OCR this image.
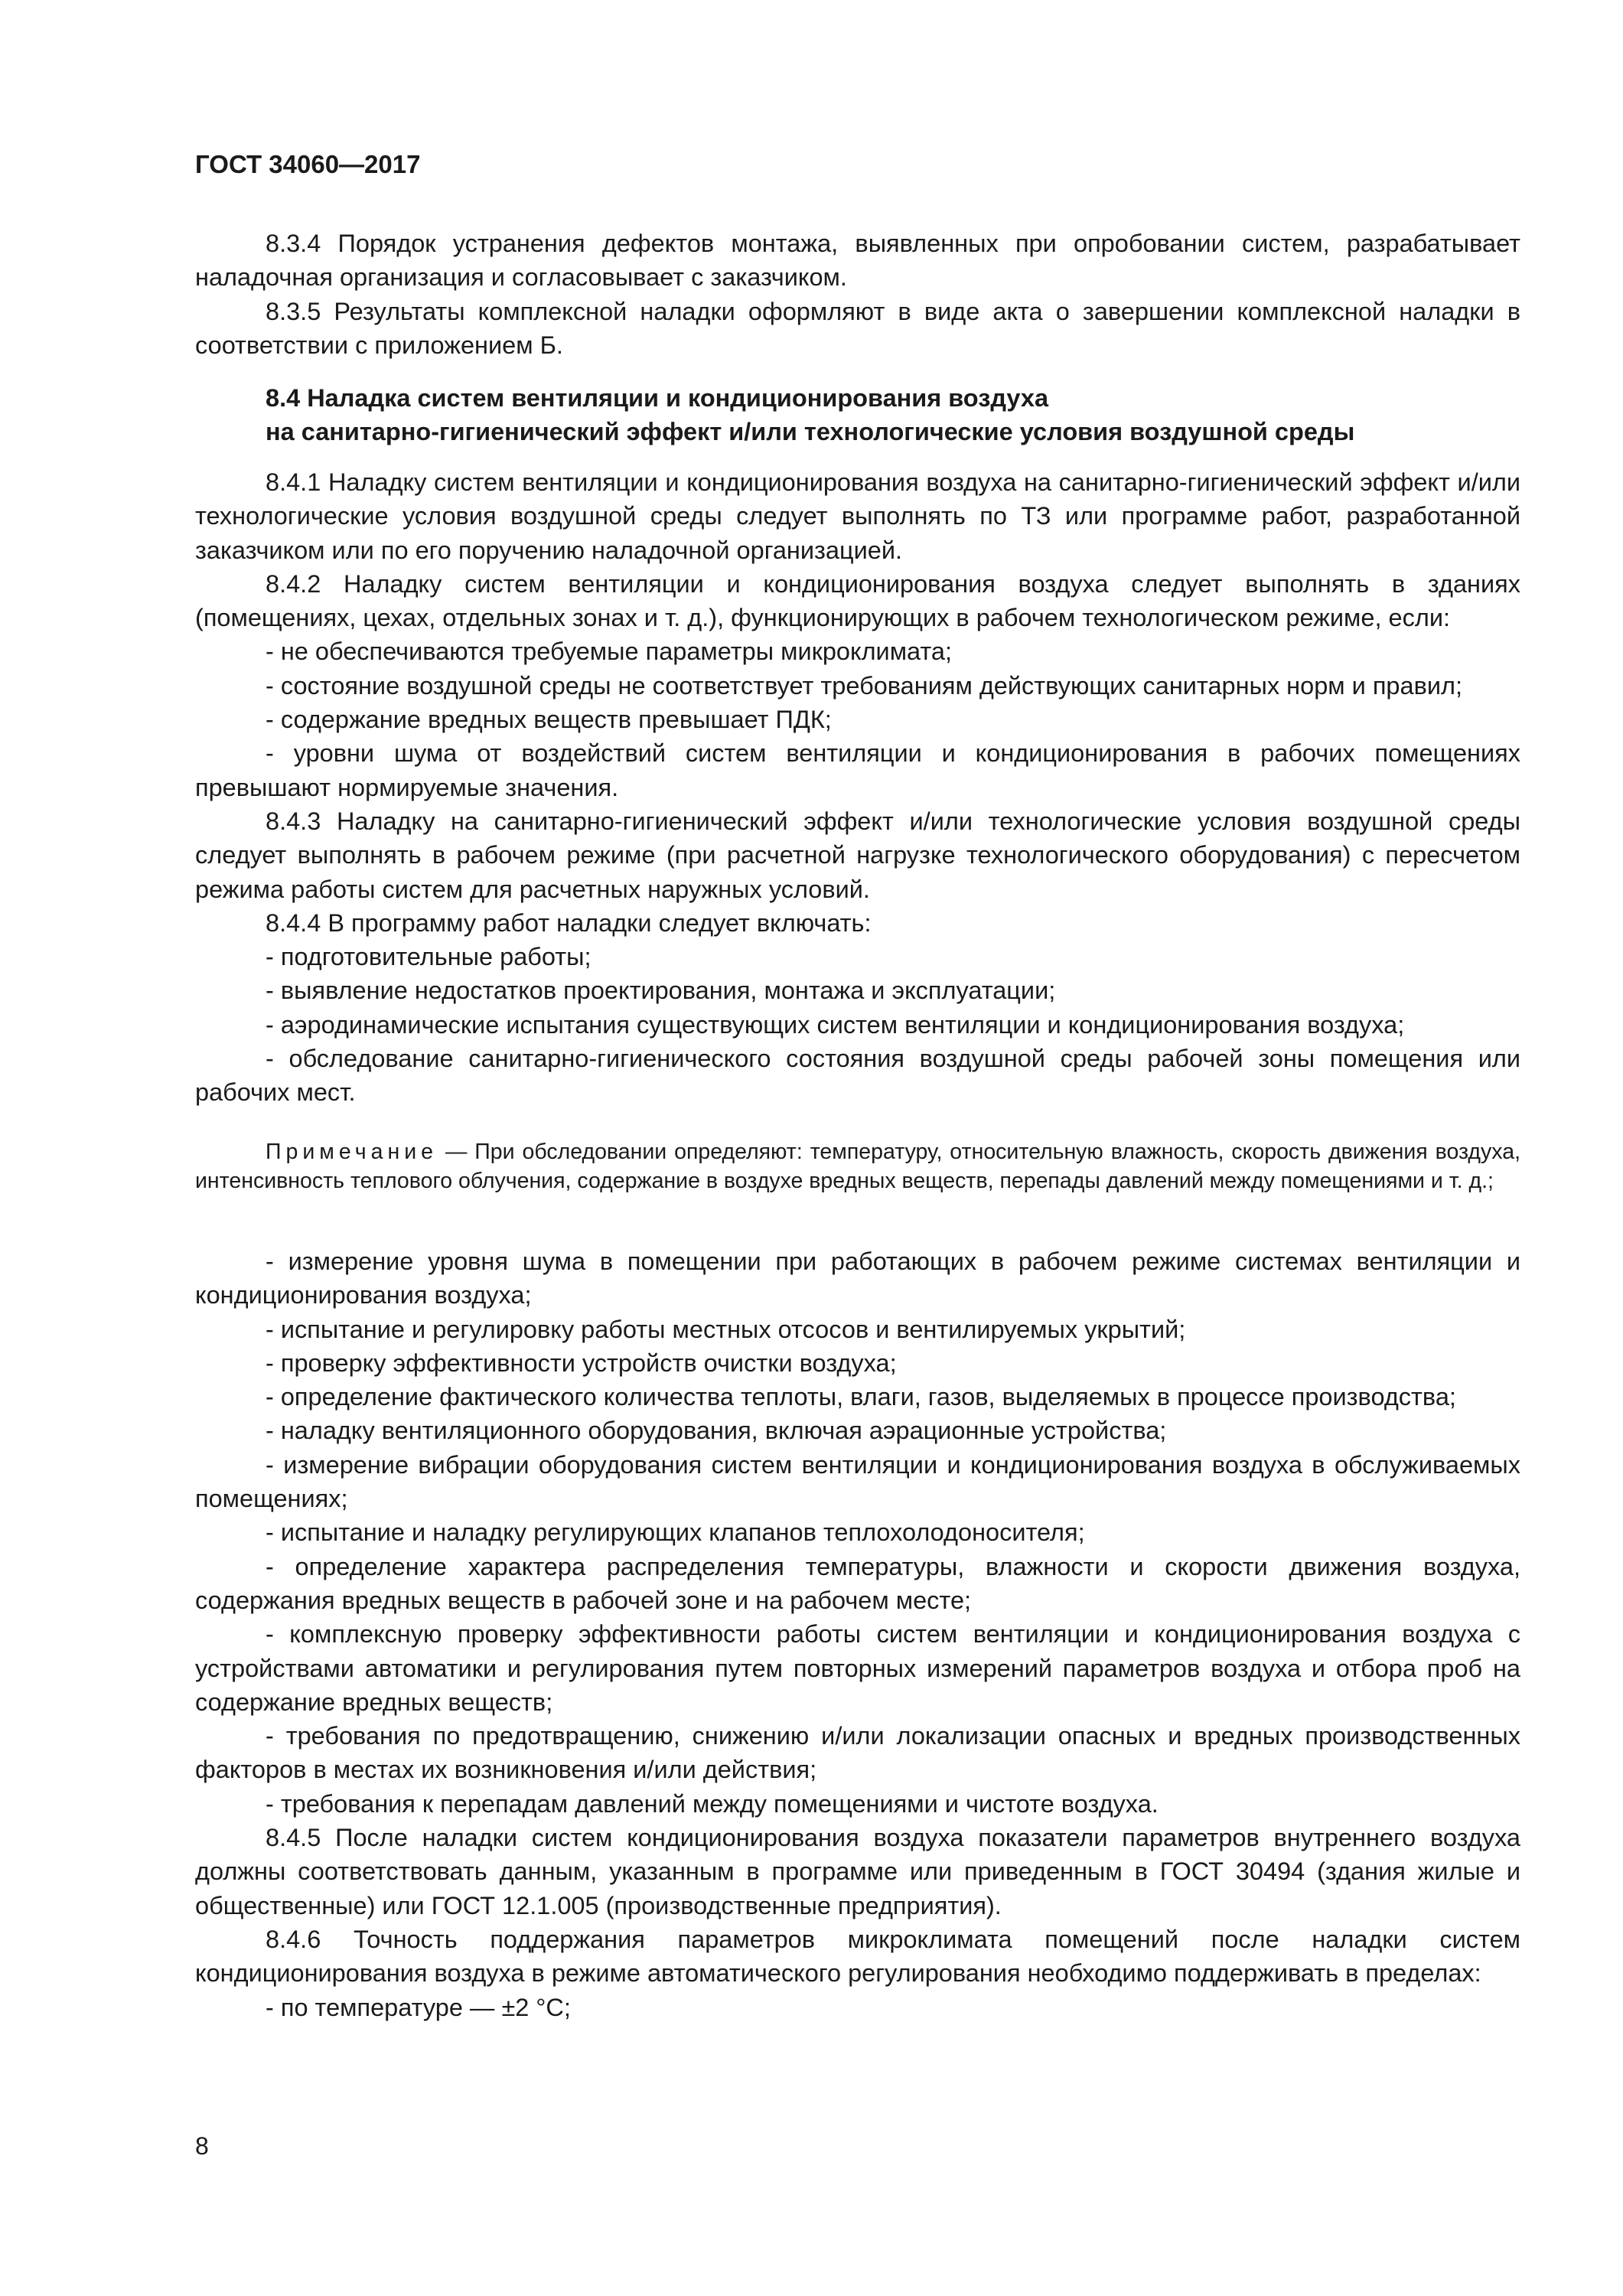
ГОСТ 34060—2017

8.3.4 Порядок устранения дефектов монтажа, выявленных при опробовании систем, разрабатывает наладочная организация и согласовывает с заказчиком.

8.3.5 Результаты комплексной наладки оформляют в виде акта о завершении комплексной наладки в соответствии с приложением Б.

8.4 Наладка систем вентиляции и кондиционирования воздуха

на санитарно-гигиенический эффект и/или технологические условия воздушной среды

8.4.1 Наладку систем вентиляции и кондиционирования воздуха на санитарно-гигиенический эффект и/или технологические условия воздушной среды следует выполнять по ТЗ или программе работ, разработанной заказчиком или по его поручению наладочной организацией.

8.4.2 Наладку систем вентиляции и кондиционирования воздуха следует выполнять в зданиях (помещениях, цехах, отдельных зонах и т. д.), функционирующих в рабочем технологическом режиме, если:

- не обеспечиваются требуемые параметры микроклимата;

- состояние воздушной среды не соответствует требованиям действующих санитарных норм и правил;

- содержание вредных веществ превышает ПДК;

- уровни шума от воздействий систем вентиляции и кондиционирования в рабочих помещениях превышают нормируемые значения.

8.4.3 Наладку на санитарно-гигиенический эффект и/или технологические условия воздушной среды следует выполнять в рабочем режиме (при расчетной нагрузке технологического оборудования) с пересчетом режима работы систем для расчетных наружных условий.

8.4.4 В программу работ наладки следует включать:

- подготовительные работы;

- выявление недостатков проектирования, монтажа и эксплуатации;

- аэродинамические испытания существующих систем вентиляции и кондиционирования воздуха;

- обследование санитарно-гигиенического состояния воздушной среды рабочей зоны помещения или рабочих мест.

Примечание — При обследовании определяют: температуру, относительную влажность, скорость движения воздуха, интенсивность теплового облучения, содержание в воздухе вредных веществ, перепады давлений между помещениями и т. д.;

- измерение уровня шума в помещении при работающих в рабочем режиме системах вентиляции и кондиционирования воздуха;

- испытание и регулировку работы местных отсосов и вентилируемых укрытий;

- проверку эффективности устройств очистки воздуха;

- определение фактического количества теплоты, влаги, газов, выделяемых в процессе производства;

- наладку вентиляционного оборудования, включая аэрационные устройства;

- измерение вибрации оборудования систем вентиляции и кондиционирования воздуха в обслуживаемых помещениях;

- испытание и наладку регулирующих клапанов теплохолодоносителя;

- определение характера распределения температуры, влажности и скорости движения воздуха, содержания вредных веществ в рабочей зоне и на рабочем месте;

- комплексную проверку эффективности работы систем вентиляции и кондиционирования воздуха с устройствами автоматики и регулирования путем повторных измерений параметров воздуха и отбора проб на содержание вредных веществ;

- требования по предотвращению, снижению и/или локализации опасных и вредных производственных факторов в местах их возникновения и/или действия;

- требования к перепадам давлений между помещениями и чистоте воздуха.

8.4.5 После наладки систем кондиционирования воздуха показатели параметров внутреннего воздуха должны соответствовать данным, указанным в программе или приведенным в ГОСТ 30494 (здания жилые и общественные) или ГОСТ 12.1.005 (производственные предприятия).

8.4.6 Точность поддержания параметров микроклимата помещений после наладки систем кондиционирования воздуха в режиме автоматического регулирования необходимо поддерживать в пределах:

- по температуре — ±2 °С;

8
